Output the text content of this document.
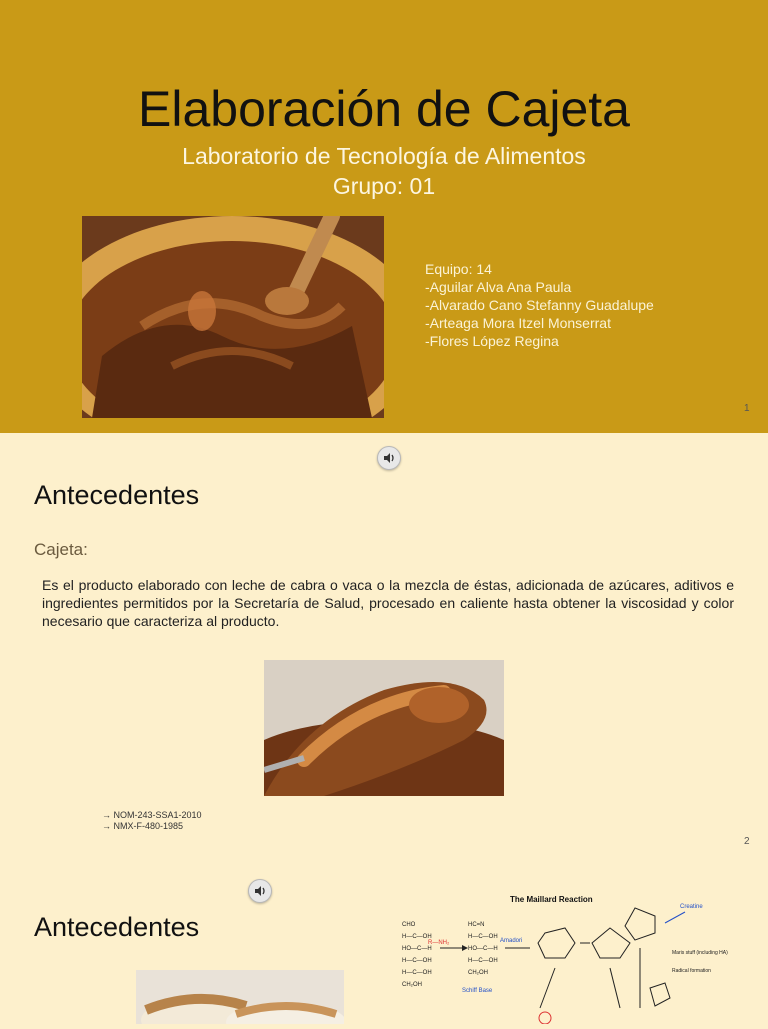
Elaboración de Cajeta
Laboratorio de Tecnología de Alimentos
Grupo: 01
Equipo: 14
-Aguilar Alva Ana Paula
-Alvarado Cano Stefanny Guadalupe
-Arteaga Mora Itzel Monserrat
-Flores López Regina
1
Antecedentes
Cajeta:
Es el producto elaborado con leche de cabra o vaca o la mezcla de éstas, adicionada de azúcares, aditivos e ingredientes permitidos por la Secretaría de Salud, procesado en caliente hasta obtener la viscosidad y color necesario que caracteriza al producto.
→ NOM-243-SSA1-2010
→ NMX-F-480-1985
2
Antecedentes
The Maillard Reaction
CHO
H—C—OH
HO—C—H
H—C—OH
H—C—OH
CH₂OH
HC=N
H—C—OH
HO—C—H
H—C—OH
CH₂OH
R—NH₂	Amadori
Schiff Base
Creatine
Maris stuff (including HA)
Radical formation
